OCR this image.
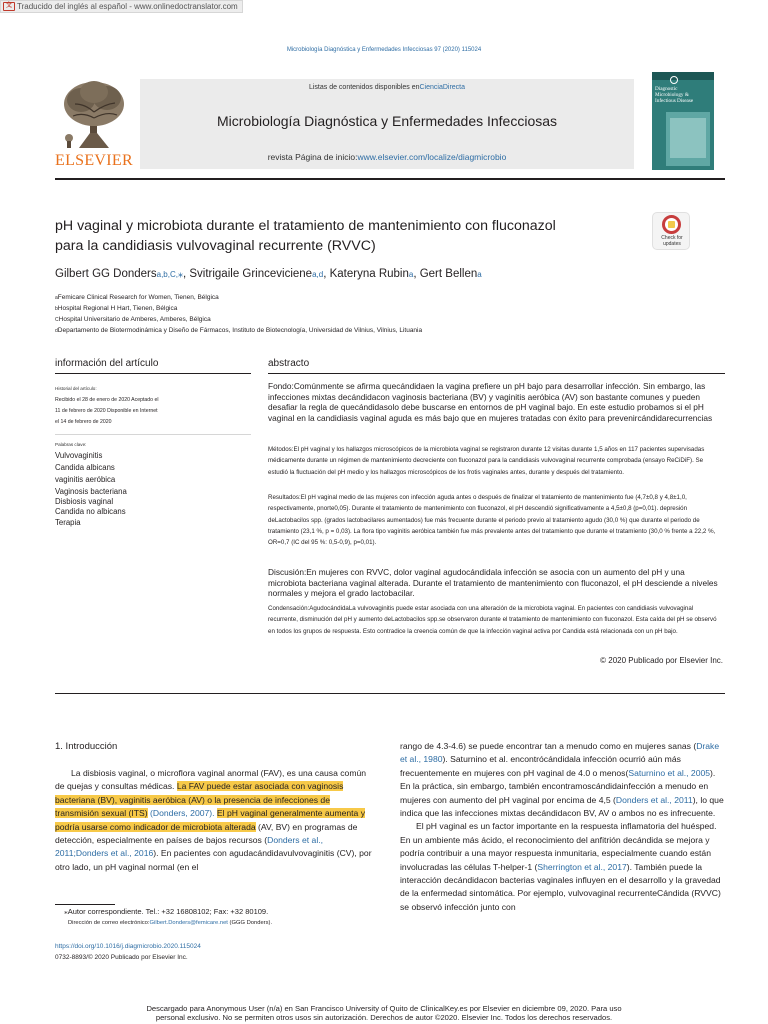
文 Traducido del inglés al español - www.onlinedoctranslator.com
Microbiología Diagnóstica y Enfermedades Infecciosas 97 (2020) 115024
ELSEVIER
Listas de contenidos disponibles enCienciaDirecta
Microbiología Diagnóstica y Enfermedades Infecciosas
revista Página de inicio:www.elsevier.com/localize/diagmicrobio
Diagnostic
Microbiology &
Infectious Disease
pH vaginal y microbiota durante el tratamiento de mantenimiento con fluconazol
para la candidiasis vulvovaginal recurrente (RVVC)	Check for
updates
Gilbert GG Dondersa,b,C,⁎, Svitrigaile Grincevicienea,d, Kateryna Rubina, Gert Bellena
aFemicare Clinical Research for Women, Tienen, Bélgica
bHospital Regional H Hart, Tienen, Bélgica
CHospital Universitario de Amberes, Amberes, Bélgica
dDepartamento de Biotermodinámica y Diseño de Fármacos, Instituto de Biotecnología, Universidad de Vilnius, Vilnius, Lituania
información del artículo
Historial del artículo:
Recibido el 28 de enero de 2020 Aceptado el
11 de febrero de 2020 Disponible en Internet
el 14 de febrero de 2020
Palabras clave:
Vulvovaginitis
Candida albicans
vaginitis aeróbica
Vaginosis bacteriana
Disbiosis vaginal
Candida no albicans
Terapia
abstracto
Fondo:Comúnmente se afirma quecándidaen la vagina prefiere un pH bajo para desarrollar infección. Sin embargo, las infecciones mixtas decándidacon vaginosis bacteriana (BV) y vaginitis aeróbica (AV) son bastante comunes y pueden desafiar la regla de quecándidasolo debe buscarse en entornos de pH vaginal bajo. En este estudio probamos si el pH vaginal en la candidiasis vaginal aguda es más bajo que en mujeres tratadas con éxito para prevenircándidarecurrencias
Métodos:El pH vaginal y los hallazgos microscópicos de la microbiota vaginal se registraron durante 12 visitas durante 1,5 años en 117 pacientes supervisadas médicamente durante un régimen de mantenimiento decreciente con fluconazol para la candidiasis vulvovaginal recurrente comprobada (ensayo ReCiDiF). Se estudió la fluctuación del pH medio y los hallazgos microscópicos de los frotis vaginales antes, durante y después del tratamiento.
Resultados:El pH vaginal medio de las mujeres con infección aguda antes o después de finalizar el tratamiento de mantenimiento fue (4,7±0,8 y 4,8±1,0, respectivamente, pnorte0,05). Durante el tratamiento de mantenimiento con fluconazol, el pH descendió significativamente a 4,5±0,8 (p=0,01). depresión deLactobacilos spp. (grados lactobacilares aumentados) fue más frecuente durante el periodo previo al tratamiento agudo (30,0 %) que durante el periodo de tratamiento (23,1 %, p = 0,03). La flora tipo vaginitis aeróbica también fue más prevalente antes del tratamiento que durante el tratamiento (30,0 % frente a 22,2 %, OR=0,7 (IC del 95 %: 0,5-0,9), p=0,01).
Discusión:En mujeres con RVVC, dolor vaginal agudocándidala infección se asocia con un aumento del pH y una microbiota bacteriana vaginal alterada. Durante el tratamiento de mantenimiento con fluconazol, el pH desciende a niveles normales y mejora el grado lactobacilar.
Condensación:AgudocándidaLa vulvovaginitis puede estar asociada con una alteración de la microbiota vaginal. En pacientes con candidiasis vulvovaginal recurrente, disminución del pH y aumento deLactobacilos spp.se observaron durante el tratamiento de mantenimiento con fluconazol. Esta caída del pH se observó en todos los grupos de respuesta. Esto contradice la creencia común de que la infección vaginal activa por Candida está relacionada con un pH bajo.
© 2020 Publicado por Elsevier Inc.
1. Introducción
La disbiosis vaginal, o microflora vaginal anormal (FAV), es una causa común de quejas y consultas médicas. La FAV puede estar asociada con vaginosis bacteriana (BV), vaginitis aeróbica (AV) o la presencia de infecciones de transmisión sexual (ITS) (Donders, 2007). El pH vaginal generalmente aumenta y podría usarse como indicador de microbiota alterada (AV, BV) en programas de detección, especialmente en países de bajos recursos (Donders et al., 2011;Donders et al., 2016). En pacientes con agudacándidavulvovaginitis (CV), por otro lado, un pH vaginal normal (en el
rango de 4.3-4.6) se puede encontrar tan a menudo como en mujeres sanas (Drake et al., 1980). Saturnino et al. encontrócándidala infección ocurrió aún más frecuentemente en mujeres con pH vaginal de 4.0 o menos(Saturnino et al., 2005). En la práctica, sin embargo, también encontramoscándidainfección a menudo en mujeres con aumento del pH vaginal por encima de 4,5 (Donders et al., 2011), lo que indica que las infecciones mixtas decándidacon BV, AV o ambos no es infrecuente.
El pH vaginal es un factor importante en la respuesta inflamatoria del huésped. En un ambiente más ácido, el reconocimiento del anfitrión decándida se mejora y podría contribuir a una mayor respuesta inmunitaria, especialmente cuando están involucradas las células T-helper-1 (Sherrington et al., 2017). También puede la interacción decándidacon bacterias vaginales influyen en el desarrollo y la gravedad de la enfermedad sintomática. Por ejemplo, vulvovaginal recurrenteCándida (RVVC) se observó infección junto con
⁎Autor correspondiente. Tel.: +32 16808102; Fax: +32 80109.
Dirección de correo electrónico:Gilbert.Donders@femicare.net (GGG Donders).
https://doi.org/10.1016/j.diagmicrobio.2020.115024
0732-8893/© 2020 Publicado por Elsevier Inc.
Descargado para Anonymous User (n/a) en San Francisco University of Quito de ClinicalKey.es por Elsevier en diciembre 09, 2020. Para uso
personal exclusivo. No se permiten otros usos sin autorización. Derechos de autor ©2020. Elsevier Inc. Todos los derechos reservados.
